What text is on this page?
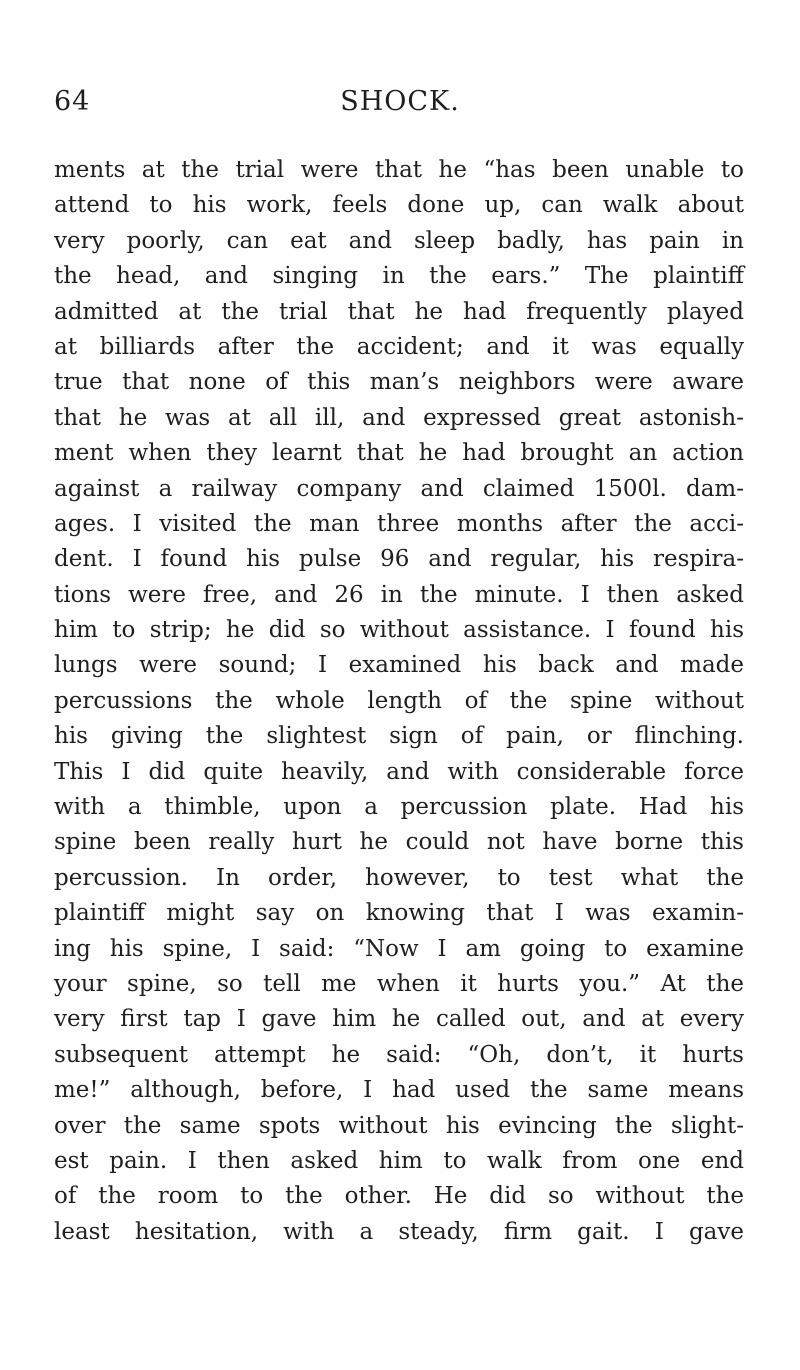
64	SHOCK.
ments at the trial were that he “has been unable to
attend to his work, feels done up, can walk about
very poorly, can eat and sleep badly, has pain in
the head, and singing in the ears.” The plaintiff
admitted at the trial that he had frequently played
at billiards after the accident; and it was equally
true that none of this man’s neighbors were aware
that he was at all ill, and expressed great astonish-
ment when they learnt that he had brought an action
against a railway company and claimed 1500l. dam-
ages. I visited the man three months after the acci-
dent. I found his pulse 96 and regular, his respira-
tions were free, and 26 in the minute. I then asked
him to strip; he did so without assistance. I found his
lungs were sound; I examined his back and made
percussions the whole length of the spine without
his giving the slightest sign of pain, or flinching.
This I did quite heavily, and with considerable force
with a thimble, upon a percussion plate. Had his
spine been really hurt he could not have borne this
percussion. In order, however, to test what the
plaintiff might say on knowing that I was examin-
ing his spine, I said: “Now I am going to examine
your spine, so tell me when it hurts you.” At the
very first tap I gave him he called out, and at every
subsequent attempt he said: “Oh, don’t, it hurts
me!” although, before, I had used the same means
over the same spots without his evincing the slight-
est pain. I then asked him to walk from one end
of the room to the other. He did so without the
least hesitation, with a steady, firm gait. I gave
